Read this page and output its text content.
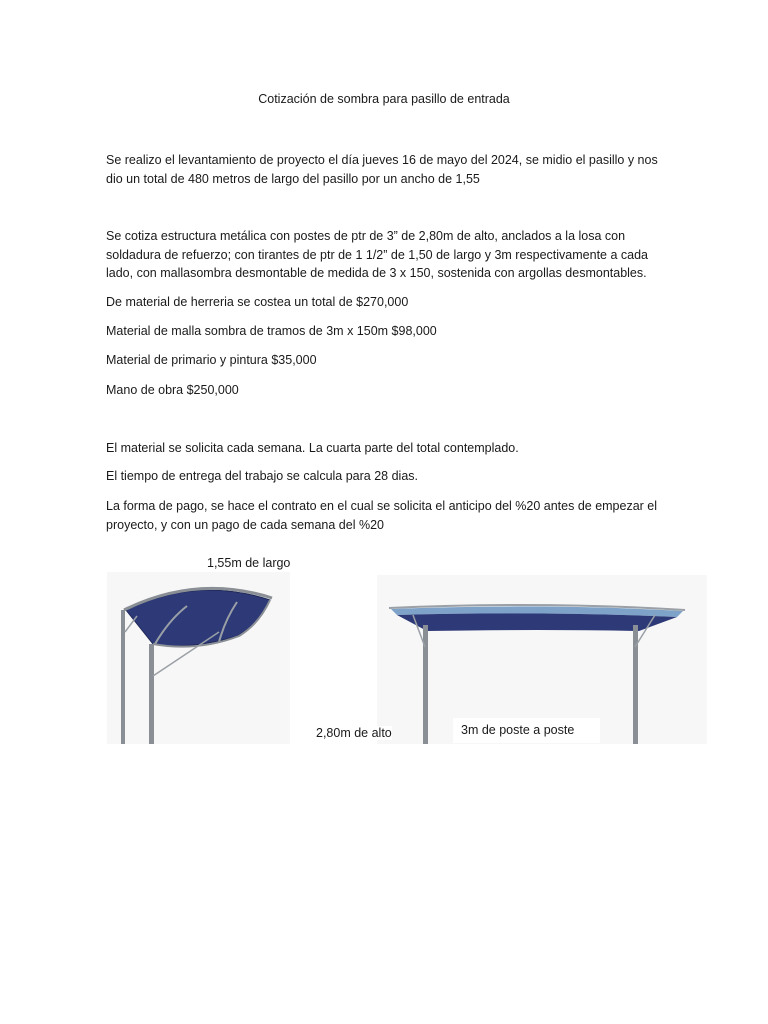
Cotización de sombra para pasillo de entrada

Se realizo el levantamiento de proyecto el día jueves 16 de mayo del 2024, se midio el pasillo y nos dio un total de 480 metros de largo del pasillo por un ancho de 1,55

Se cotiza estructura metálica con postes de ptr de 3” de 2,80m de alto, anclados a la losa con soldadura de refuerzo; con tirantes de ptr de 1 1/2” de 1,50 de largo y 3m respectivamente a cada lado, con mallasombra desmontable de medida de 3 x 150, sostenida con argollas desmontables.

De material de herreria se costea un total de $270,000

Material de malla sombra de tramos de 3m x 150m $98,000

Material de primario y pintura $35,000

Mano de obra $250,000

El material se solicita cada semana. La cuarta parte del total contemplado.

El tiempo de entrega del trabajo se calcula para 28 dias.

La forma de pago, se hace el contrato en el cual se solicita el anticipo del %20 antes de empezar el proyecto, y con un pago de cada semana del %20

1,55m de largo
3m de poste a poste
2,80m de alto
